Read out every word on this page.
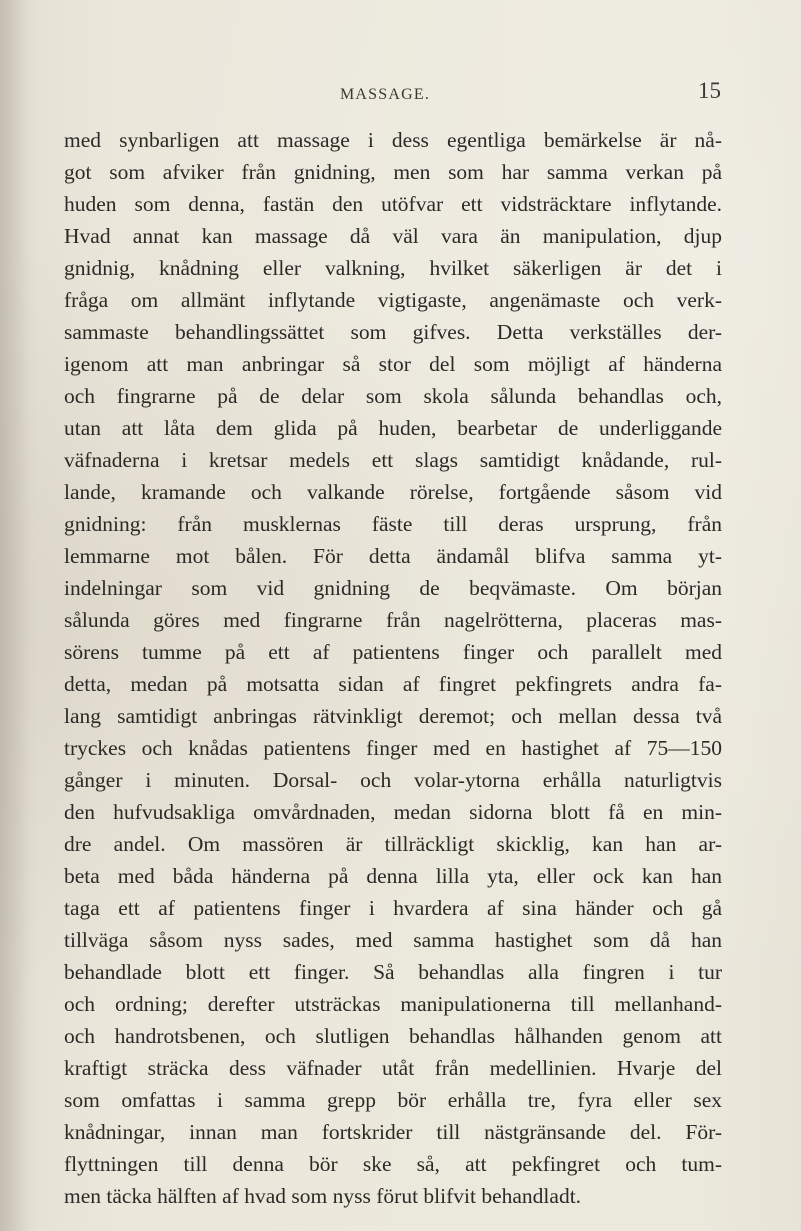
MASSAGE.	15
med synbarligen att massage i dess egentliga bemärkelse är nå-
got som afviker från gnidning, men som har samma verkan på
huden som denna, fastän den utöfvar ett vidsträcktare inflytande.
Hvad annat kan massage då väl vara än manipulation, djup
gnidnig, knådning eller valkning, hvilket säkerligen är det i
fråga om allmänt inflytande vigtigaste, angenämaste och verk-
sammaste behandlingssättet som gifves. Detta verkställes der-
igenom att man anbringar så stor del som möjligt af händerna
och fingrarne på de delar som skola sålunda behandlas och,
utan att låta dem glida på huden, bearbetar de underliggande
väfnaderna i kretsar medels ett slags samtidigt knådande, rul-
lande, kramande och valkande rörelse, fortgående såsom vid
gnidning: från musklernas fäste till deras ursprung, från
lemmarne mot bålen. För detta ändamål blifva samma yt-
indelningar som vid gnidning de beqvämaste. Om början
sålunda göres med fingrarne från nagelrötterna, placeras mas-
sörens tumme på ett af patientens finger och parallelt med
detta, medan på motsatta sidan af fingret pekfingrets andra fa-
lang samtidigt anbringas rätvinkligt deremot; och mellan dessa två
tryckes och knådas patientens finger med en hastighet af 75—150
gånger i minuten. Dorsal- och volar-ytorna erhålla naturligtvis
den hufvudsakliga omvårdnaden, medan sidorna blott få en min-
dre andel. Om massören är tillräckligt skicklig, kan han ar-
beta med båda händerna på denna lilla yta, eller ock kan han
taga ett af patientens finger i hvardera af sina händer och gå
tillväga såsom nyss sades, med samma hastighet som då han
behandlade blott ett finger. Så behandlas alla fingren i tur
och ordning; derefter utsträckas manipulationerna till mellanhand-
och handrotsbenen, och slutligen behandlas hålhanden genom att
kraftigt sträcka dess väfnader utåt från medellinien. Hvarje del
som omfattas i samma grepp bör erhålla tre, fyra eller sex
knådningar, innan man fortskrider till nästgränsande del. För-
flyttningen till denna bör ske så, att pekfingret och tum-
men täcka hälften af hvad som nyss förut blifvit behandladt.
